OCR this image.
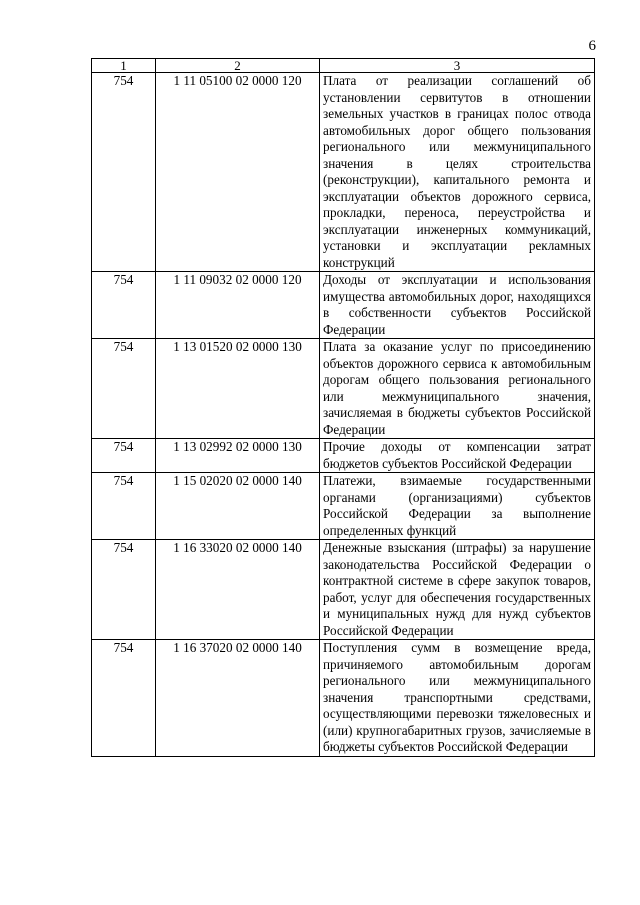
6
1	2	3
754	1 11 05100 02 0000 120	Плата от реализации соглашений об установлении сервитутов в отношении земельных участков в границах полос отвода автомобильных дорог общего пользования регионального или межмуниципального значения в целях строительства (реконструкции), капитального ремонта и эксплуатации объектов дорожного сервиса, прокладки, переноса, переустройства и эксплуатации инженерных коммуникаций, установки и эксплуатации рекламных конструкций
754	1 11 09032 02 0000 120	Доходы от эксплуатации и использования имущества автомобильных дорог, находящихся в собственности субъектов Российской Федерации
754	1 13 01520 02 0000 130	Плата за оказание услуг по присоединению объектов дорожного сервиса к автомобильным дорогам общего пользования регионального или межмуниципального значения, зачисляемая в бюджеты субъектов Российской Федерации
754	1 13 02992 02 0000 130	Прочие доходы от компенсации затрат бюджетов субъектов Российской Федерации
754	1 15 02020 02 0000 140	Платежи, взимаемые государственными органами (организациями) субъектов Российской Федерации за выполнение определенных функций
754	1 16 33020 02 0000 140	Денежные взыскания (штрафы) за нарушение законодательства Российской Федерации о контрактной системе в сфере закупок товаров, работ, услуг для обеспечения государственных и муниципальных нужд для нужд субъектов Российской Федерации
754	1 16 37020 02 0000 140	Поступления сумм в возмещение вреда, причиняемого автомобильным дорогам регионального или межмуниципального значения транспортными средствами, осуществляющими перевозки тяжеловесных и (или) крупногабаритных грузов, зачисляемые в бюджеты субъектов Российской Федерации
